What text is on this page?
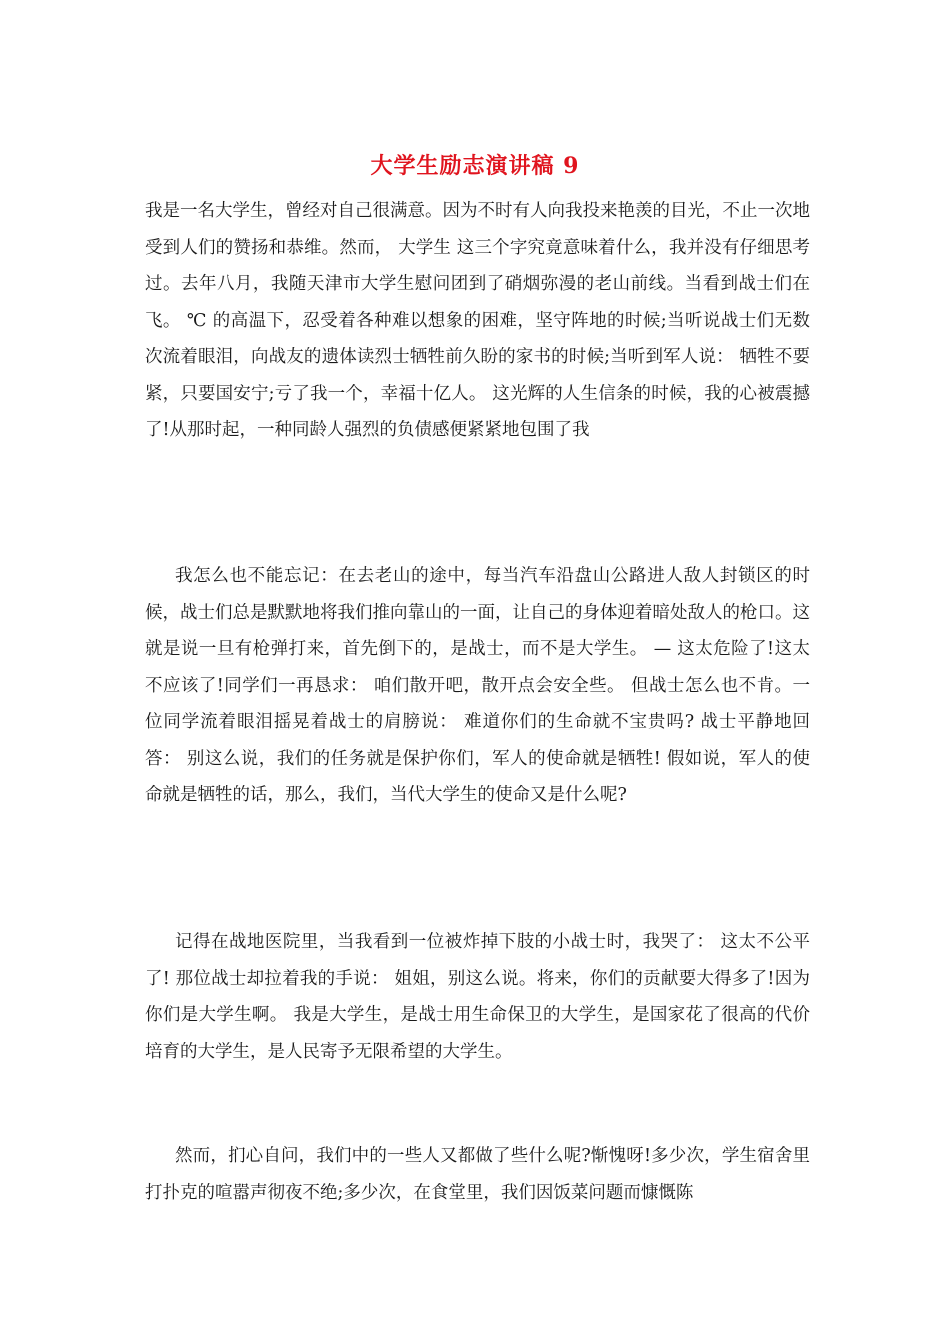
大学生励志演讲稿 9
我是一名大学生，曾经对自己很满意。因为不时有人向我投来艳羡的目光，不止一次地受到人们的赞扬和恭维。然而， 大学生 这三个字究竟意味着什么，我并没有仔细思考过。去年八月，我随天津市大学生慰问团到了硝烟弥漫的老山前线。当看到战士们在飞。 ℃ 的高温下，忍受着各种难以想象的困难，坚守阵地的时候;当听说战士们无数次流着眼泪，向战友的遗体读烈士牺牲前久盼的家书的时候;当听到军人说： 牺牲不要紧，只要国安宁;亏了我一个，幸福十亿人。 这光辉的人生信条的时候，我的心被震撼了!从那时起，一种同龄人强烈的负债感便紧紧地包围了我
我怎么也不能忘记：在去老山的途中，每当汽车沿盘山公路进人敌人封锁区的时候，战士们总是默默地将我们推向靠山的一面，让自己的身体迎着暗处敌人的枪口。这就是说一旦有枪弹打来，首先倒下的，是战士，而不是大学生。 — 这太危险了!这太不应该了!同学们一再恳求： 咱们散开吧，散开点会安全些。 但战士怎么也不肯。一位同学流着眼泪摇晃着战士的肩膀说： 难道你们的生命就不宝贵吗? 战士平静地回答： 别这么说，我们的任务就是保护你们，军人的使命就是牺牲! 假如说，军人的使命就是牺牲的话，那么，我们，当代大学生的使命又是什么呢?
记得在战地医院里，当我看到一位被炸掉下肢的小战士时，我哭了： 这太不公平了! 那位战士却拉着我的手说： 姐姐，别这么说。将来，你们的贡献要大得多了!因为你们是大学生啊。 我是大学生，是战士用生命保卫的大学生，是国家花了很高的代价培育的大学生，是人民寄予无限希望的大学生。
然而，扪心自问，我们中的一些人又都做了些什么呢?惭愧呀!多少次，学生宿舍里打扑克的喧嚣声彻夜不绝;多少次，在食堂里，我们因饭菜问题而慷慨陈
